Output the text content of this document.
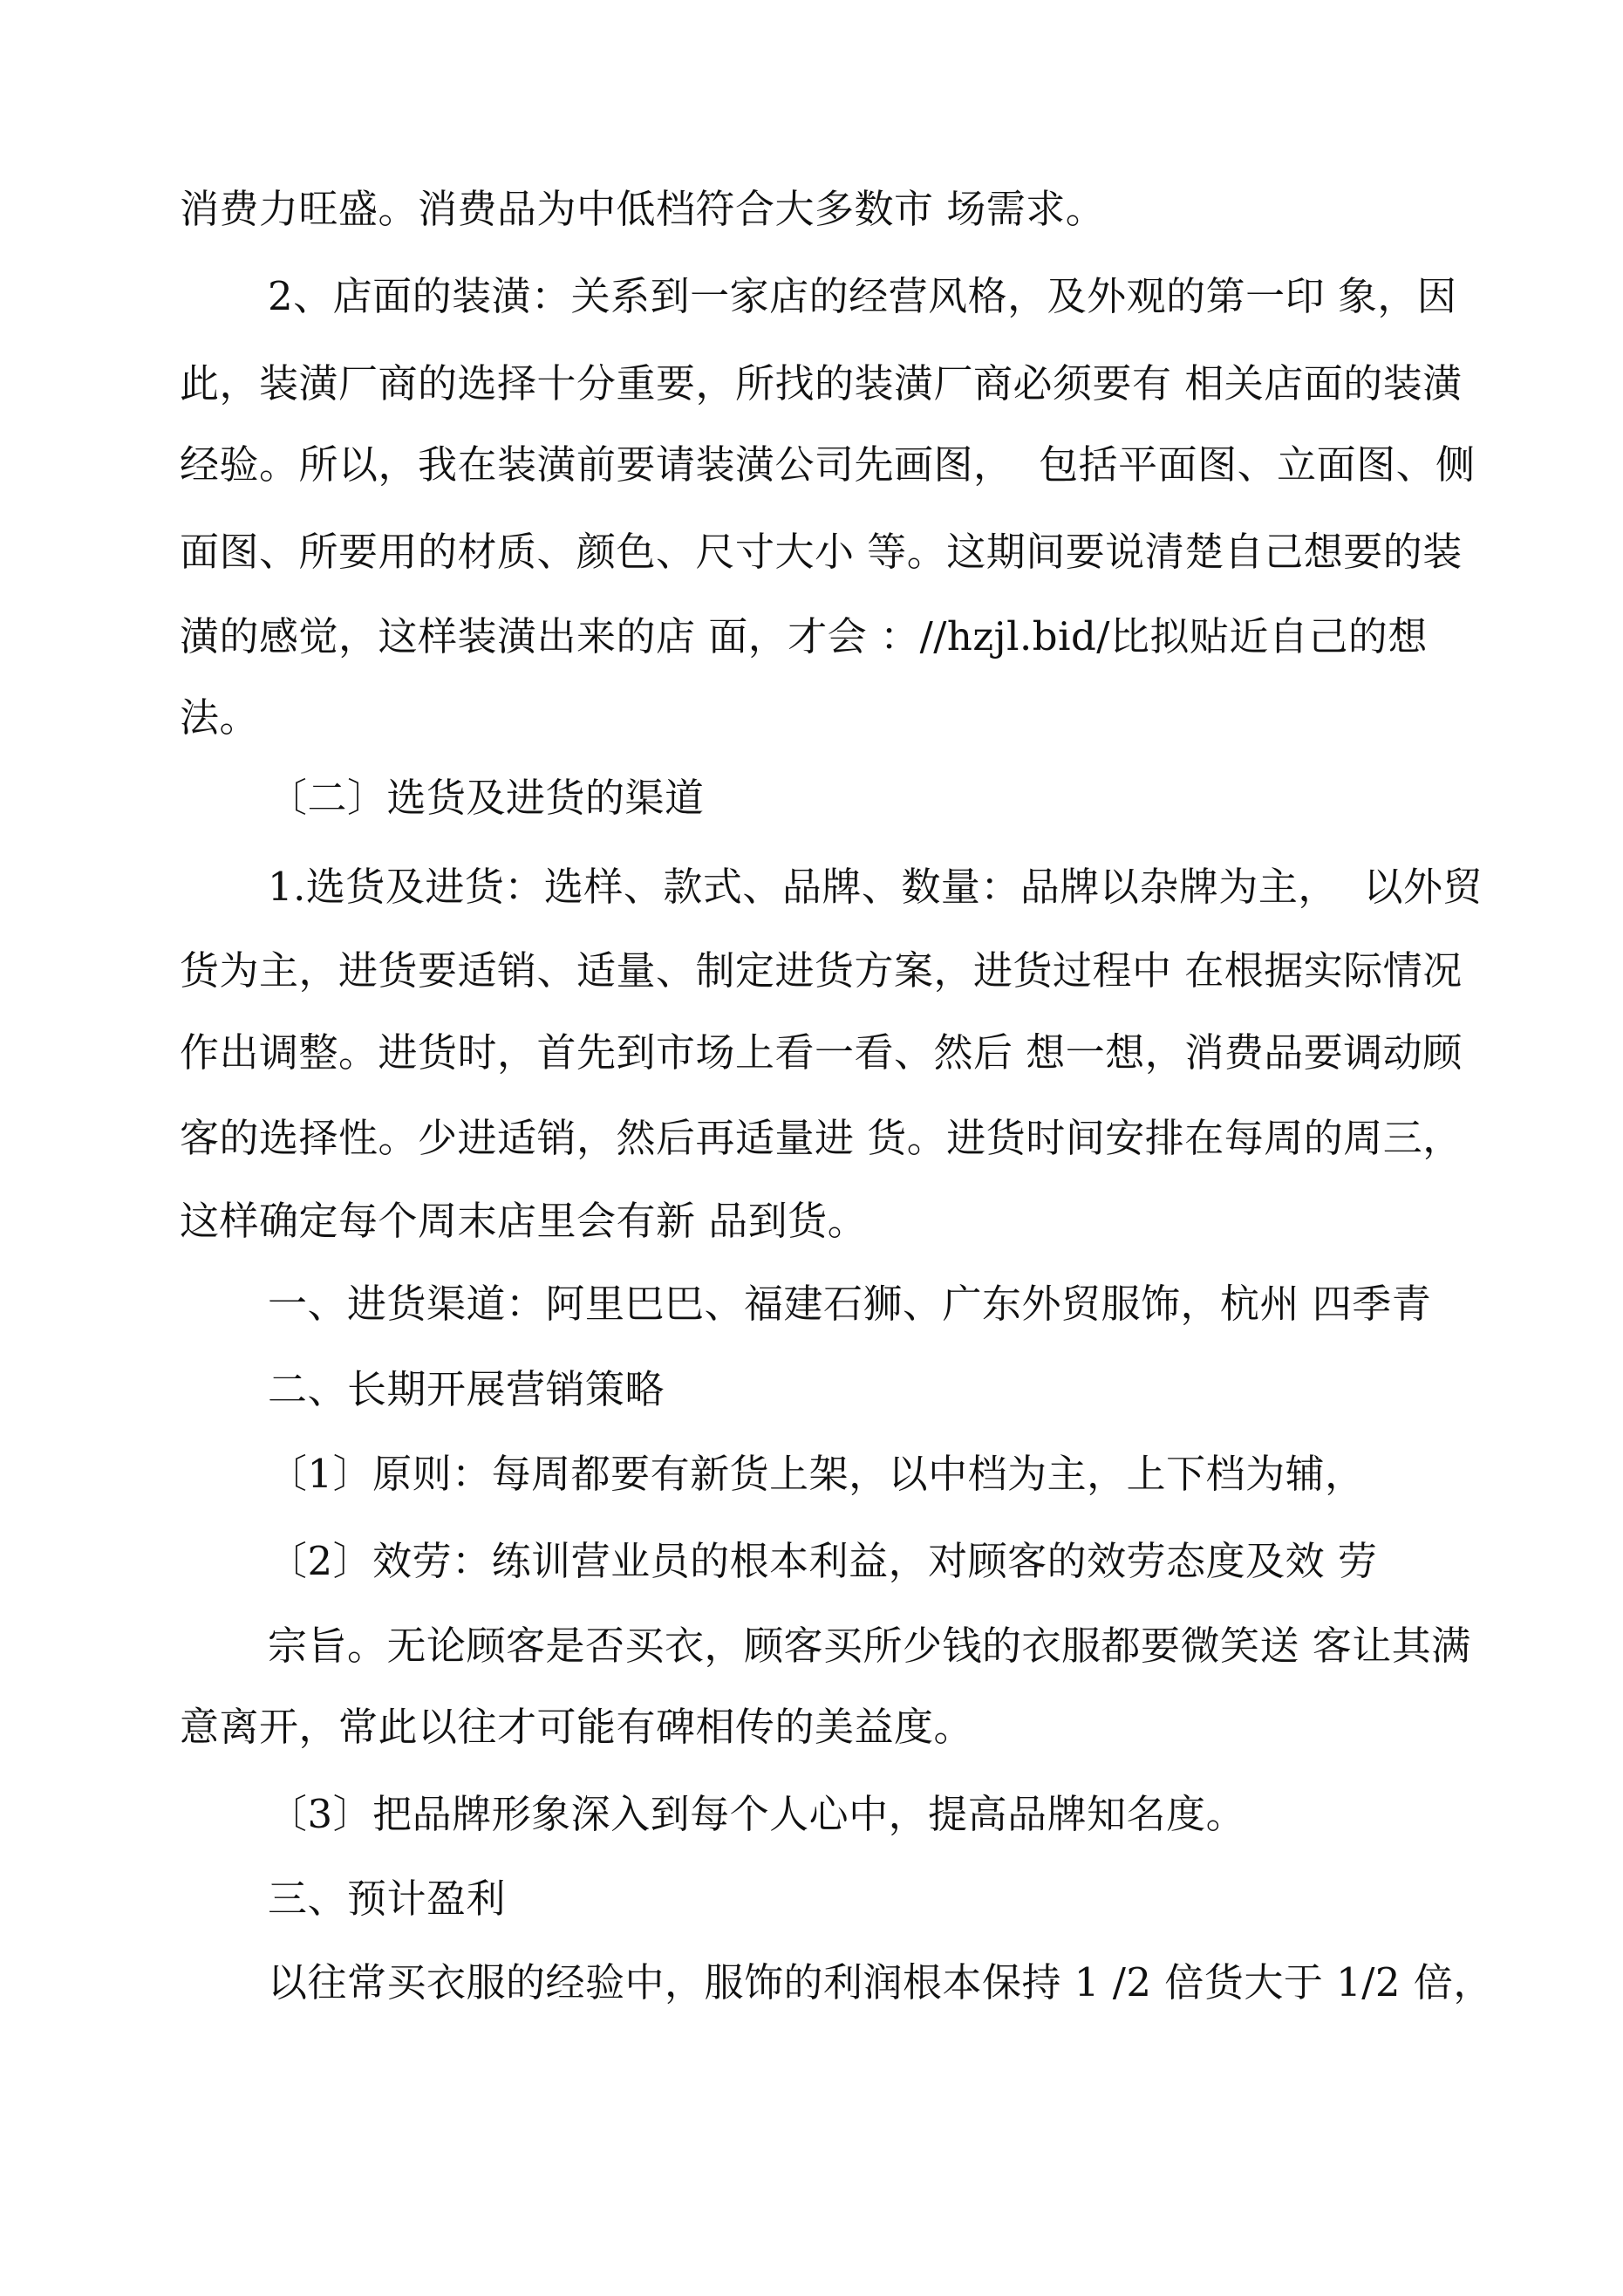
消费力旺盛。消费品为中低档符合大多数市 场需求。
2、店面的装潢：关系到一家店的经营风格，及外观的第一印 象，因
此，装潢厂商的选择十分重要，所找的装潢厂商必须要有 相关店面的装潢
经验。所以，我在装潢前要请装潢公司先画图，  包括平面图、立面图、侧
面图、所要用的材质、颜色、尺寸大小 等。这期间要说清楚自己想要的装
潢的感觉，这样装潢出来的店 面，才会 ：//hzjl.bid/比拟贴近自己的想
法。
〔二〕选货及进货的渠道
1.选货及进货：选样、款式、品牌、数量：品牌以杂牌为主，  以外贸
货为主，进货要适销、适量、制定进货方案，进货过程中 在根据实际情况
作出调整。进货时，首先到市场上看一看、然后 想一想，消费品要调动顾
客的选择性。少进适销，然后再适量进 货。进货时间安排在每周的周三，
这样确定每个周末店里会有新 品到货。
一、进货渠道：阿里巴巴、福建石狮、广东外贸服饰，杭州 四季青
二、长期开展营销策略
〔1〕原则：每周都要有新货上架，以中档为主，上下档为辅，
〔2〕效劳：练训营业员的根本利益，对顾客的效劳态度及效 劳
宗旨。无论顾客是否买衣，顾客买所少钱的衣服都要微笑送 客让其满
意离开，常此以往才可能有碑相传的美益度。
〔3〕把品牌形象深入到每个人心中，提高品牌知名度。
三、预计盈利
以往常买衣服的经验中，服饰的利润根本保持 1 /2 倍货大于 1/2 倍，
